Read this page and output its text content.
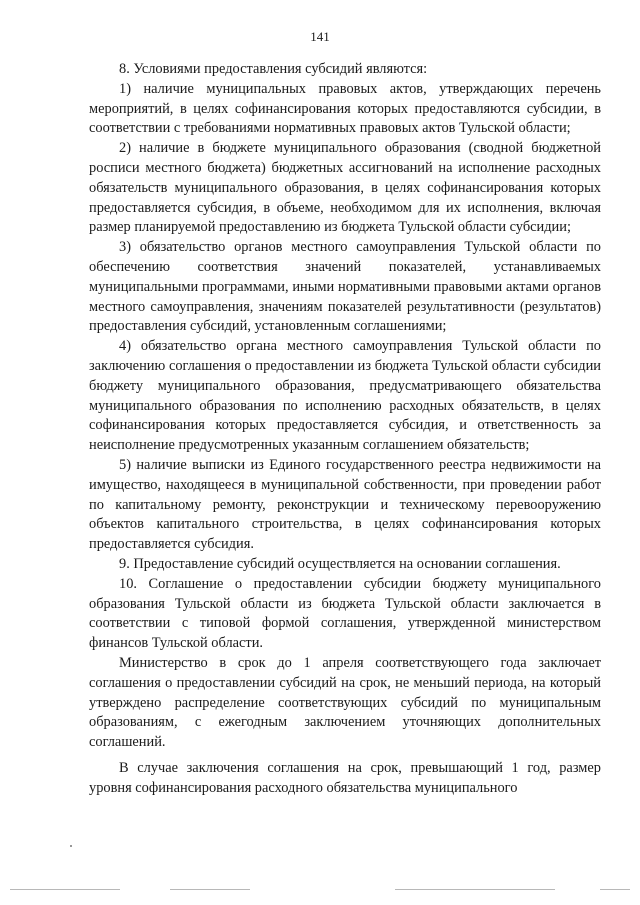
141

8. Условиями предоставления субсидий являются:

1) наличие муниципальных правовых актов, утверждающих перечень мероприятий, в целях софинансирования которых предоставляются субсидии, в соответствии с требованиями нормативных правовых актов Тульской области;

2) наличие в бюджете муниципального образования (сводной бюджетной росписи местного бюджета) бюджетных ассигнований на исполнение расходных обязательств муниципального образования, в целях софинансирования которых предоставляется субсидия, в объеме, необходимом для их исполнения, включая размер планируемой предоставлению из бюджета Тульской области субсидии;

3) обязательство органов местного самоуправления Тульской области по обеспечению соответствия значений показателей, устанавливаемых муниципальными программами, иными нормативными правовыми актами органов местного самоуправления, значениям показателей результативности (результатов) предоставления субсидий, установленным соглашениями;

4) обязательство органа местного самоуправления Тульской области по заключению соглашения о предоставлении из бюджета Тульской области субсидии бюджету муниципального образования, предусматривающего обязательства муниципального образования по исполнению расходных обязательств, в целях софинансирования которых предоставляется субсидия, и ответственность за неисполнение предусмотренных указанным соглашением обязательств;

5) наличие выписки из Единого государственного реестра недвижимости на имущество, находящееся в муниципальной собственности, при проведении работ по капитальному ремонту, реконструкции и техническому перевооружению объектов капитального строительства, в целях софинансирования которых предоставляется субсидия.

9. Предоставление субсидий осуществляется на основании соглашения.

10. Соглашение о предоставлении субсидии бюджету муниципального образования Тульской области из бюджета Тульской области заключается в соответствии с типовой формой соглашения, утвержденной министерством финансов Тульской области.

Министерство в срок до 1 апреля соответствующего года заключает соглашения о предоставлении субсидий на срок, не меньший периода, на который утверждено распределение соответствующих субсидий по муниципальным образованиям, с ежегодным заключением уточняющих дополнительных соглашений.

В случае заключения соглашения на срок, превышающий 1 год, размер уровня софинансирования расходного обязательства муниципального
